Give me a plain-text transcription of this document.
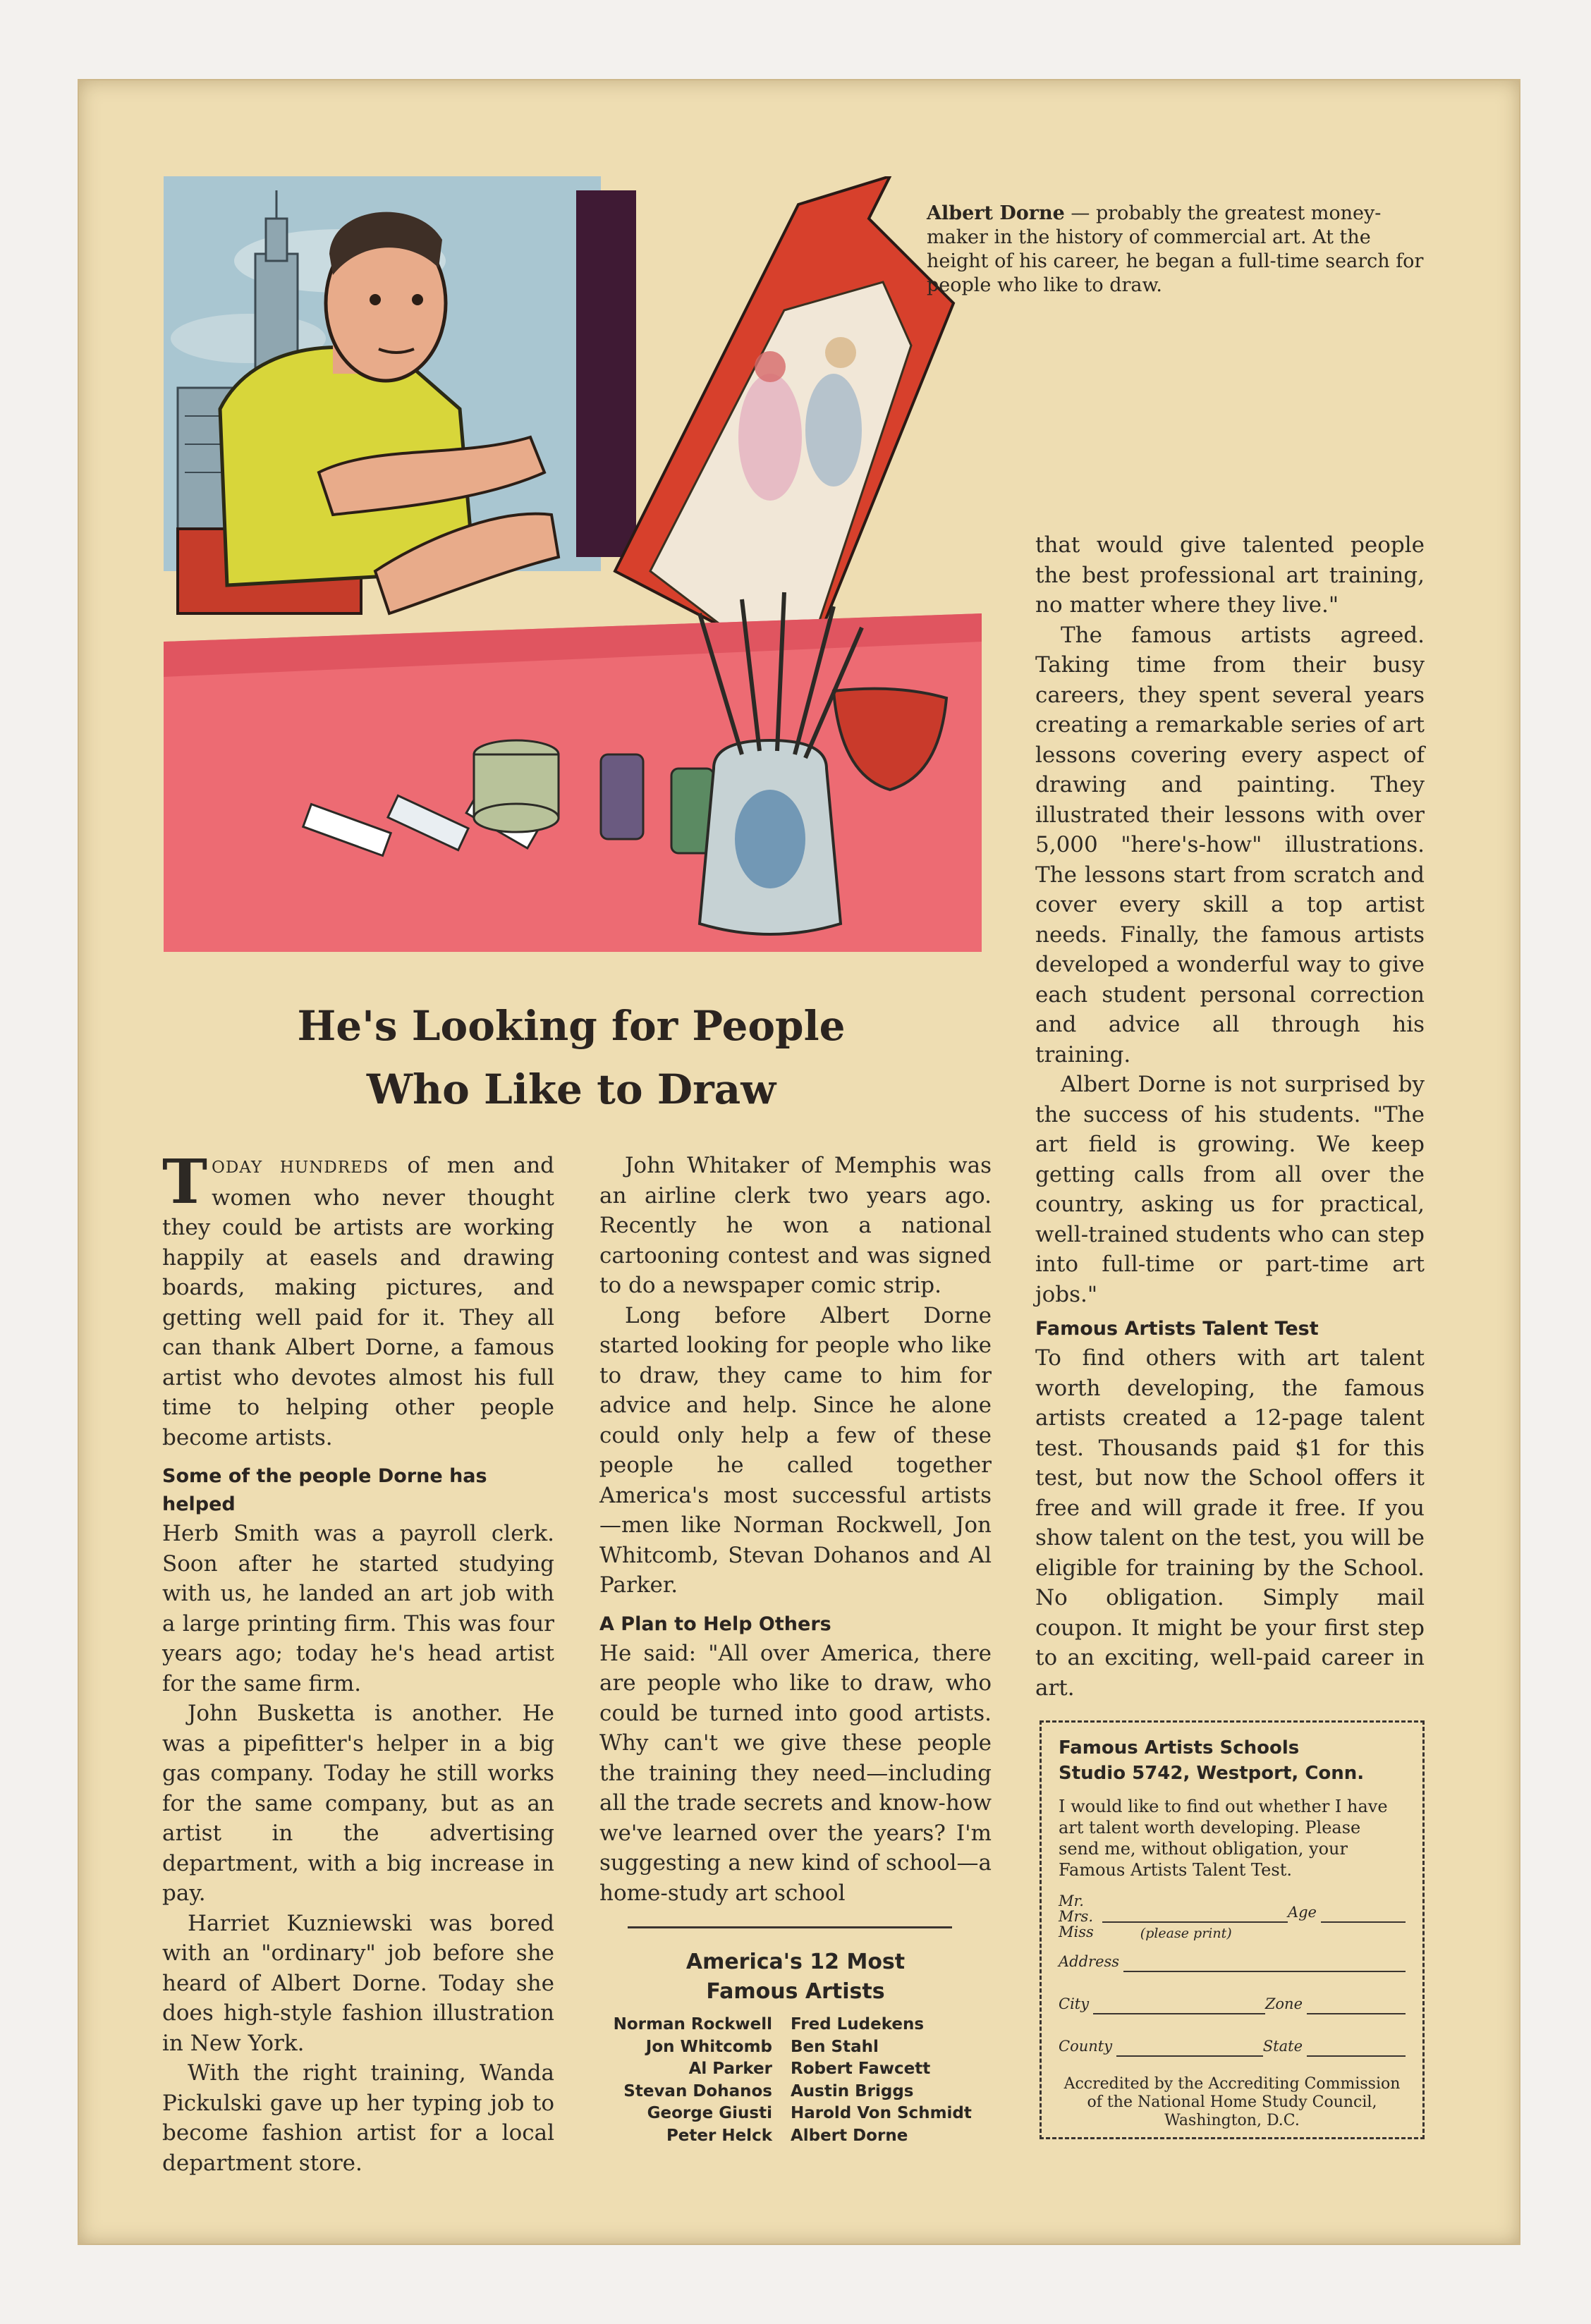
Albert Dorne — probably the greatest money-maker in the history of commercial art. At the height of his career, he began a full-time search for people who like to draw.
He's Looking for People
Who Like to Draw

TODAY HUNDREDS of men and women who never thought they could be artists are working happily at easels and drawing boards, making pictures, and getting well paid for it. They all can thank Albert Dorne, a famous artist who devotes almost his full time to helping other people become artists.

Some of the people Dorne has helped

Herb Smith was a payroll clerk. Soon after he started studying with us, he landed an art job with a large printing firm. This was four years ago; today he's head artist for the same firm.

John Busketta is another. He was a pipefitter's helper in a big gas company. Today he still works for the same company, but as an artist in the advertising department, with a big increase in pay.

Harriet Kuzniewski was bored with an "ordinary" job before she heard of Albert Dorne. Today she does high-style fashion illustration in New York.

With the right training, Wanda Pickulski gave up her typing job to become fashion artist for a local department store.

John Whitaker of Memphis was an airline clerk two years ago. Recently he won a national cartooning contest and was signed to do a newspaper comic strip.

Long before Albert Dorne started looking for people who like to draw, they came to him for advice and help. Since he alone could only help a few of these people he called together America's most successful artists —men like Norman Rockwell, Jon Whitcomb, Stevan Dohanos and Al Parker.

A Plan to Help Others

He said: "All over America, there are people who like to draw, who could be turned into good artists. Why can't we give these people the training they need—including all the trade secrets and know-how we've learned over the years? I'm suggesting a new kind of school—a home-study art school

America's 12 Most
Famous Artists
Norman Rockwell	Fred Ludekens
Jon Whitcomb	Ben Stahl
Al Parker	Robert Fawcett
Stevan Dohanos	Austin Briggs
George Giusti	Harold Von Schmidt
Peter Helck	Albert Dorne

that would give talented people the best professional art training, no matter where they live."

The famous artists agreed. Taking time from their busy careers, they spent several years creating a remarkable series of art lessons covering every aspect of drawing and painting. They illustrated their lessons with over 5,000 "here's-how" illustrations. The lessons start from scratch and cover every skill a top artist needs. Finally, the famous artists developed a wonderful way to give each student personal correction and advice all through his training.

Albert Dorne is not surprised by the success of his students. "The art field is growing. We keep getting calls from all over the country, asking us for practical, well-trained students who can step into full-time or part-time art jobs."

Famous Artists Talent Test

To find others with art talent worth developing, the famous artists created a 12-page talent test. Thousands paid $1 for this test, but now the School offers it free and will grade it free. If you show talent on the test, you will be eligible for training by the School. No obligation. Simply mail coupon. It might be your first step to an exciting, well-paid career in art.

Famous Artists Schools
Studio 5742, Westport, Conn.
I would like to find out whether I have art talent worth developing. Please send me, without obligation, your Famous Artists Talent Test.
Mr.
Mrs.
Miss
Age
(please print)
Address
City	Zone
County	State
Accredited by the Accrediting Commission of the National Home Study Council, Washington, D.C.
